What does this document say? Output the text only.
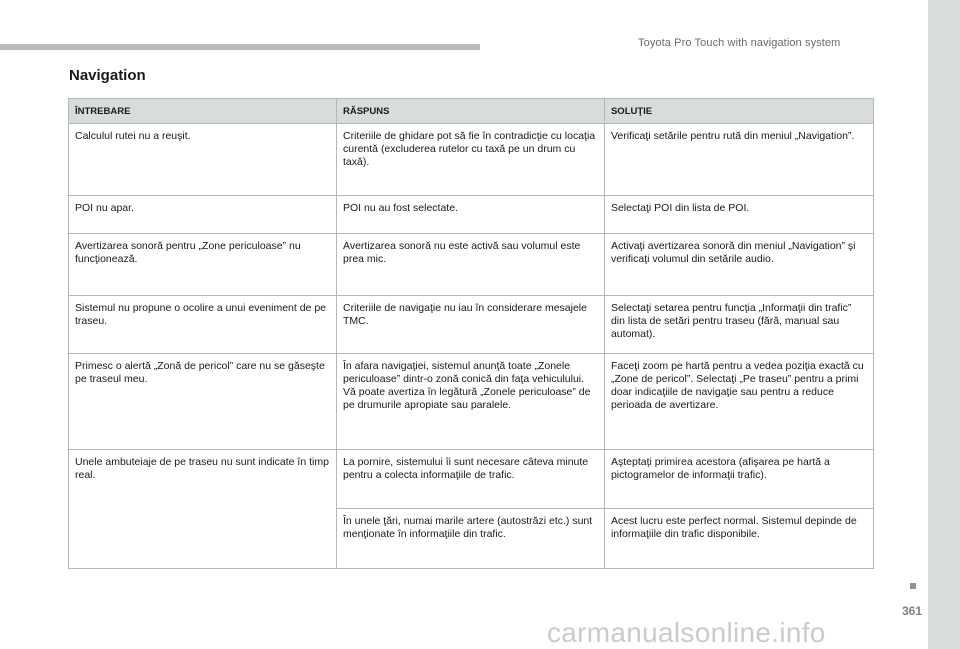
Toyota Pro Touch with navigation system
Navigation
ÎNTREBARE	RĂSPUNS	SOLUŢIE
Calculul rutei nu a reuşit.	Criteriile de ghidare pot să fie în contradicţie cu locaţia curentă (excluderea rutelor cu taxă pe un drum cu taxă).	Verificaţi setările pentru rută din meniul „Navigation”.
POI nu apar.	POI nu au fost selectate.	Selectaţi POI din lista de POI.
Avertizarea sonoră pentru „Zone periculoase” nu funcţionează.	Avertizarea sonoră nu este activă sau volumul este prea mic.	Activaţi avertizarea sonoră din meniul „Navigation” şi verificaţi volumul din setările audio.
Sistemul nu propune o ocolire a unui eveniment de pe traseu.	Criteriile de navigaţie nu iau în considerare mesajele TMC.	Selectaţi setarea pentru funcţia „Informaţii din trafic” din lista de setări pentru traseu (fără, manual sau automat).
Primesc o alertă „Zonă de pericol” care nu se găseşte pe traseul meu.	În afara navigaţiei, sistemul anunţă toate „Zonele periculoase” dintr-o zonă conică din faţa vehiculului. Vă poate avertiza în legătură „Zonele periculoase” de pe drumurile apropiate sau paralele.	Faceţi zoom pe hartă pentru a vedea poziţia exactă cu „Zone de pericol”. Selectaţi „Pe traseu” pentru a primi doar indicaţiile de navigaţie sau pentru a reduce perioada de avertizare.
Unele ambuteiaje de pe traseu nu sunt indicate în timp real.	La pornire, sistemului îi sunt necesare câteva minute pentru a colecta informaţiile de trafic.	Aşteptaţi primirea acestora (afişarea pe hartă a pictogramelor de informaţii trafic).
	În unele ţări, numai marile artere (autostrăzi etc.) sunt menţionate în informaţiile din trafic.	Acest lucru este perfect normal. Sistemul depinde de informaţiile din trafic disponibile.
361
carmanualsonline.info
